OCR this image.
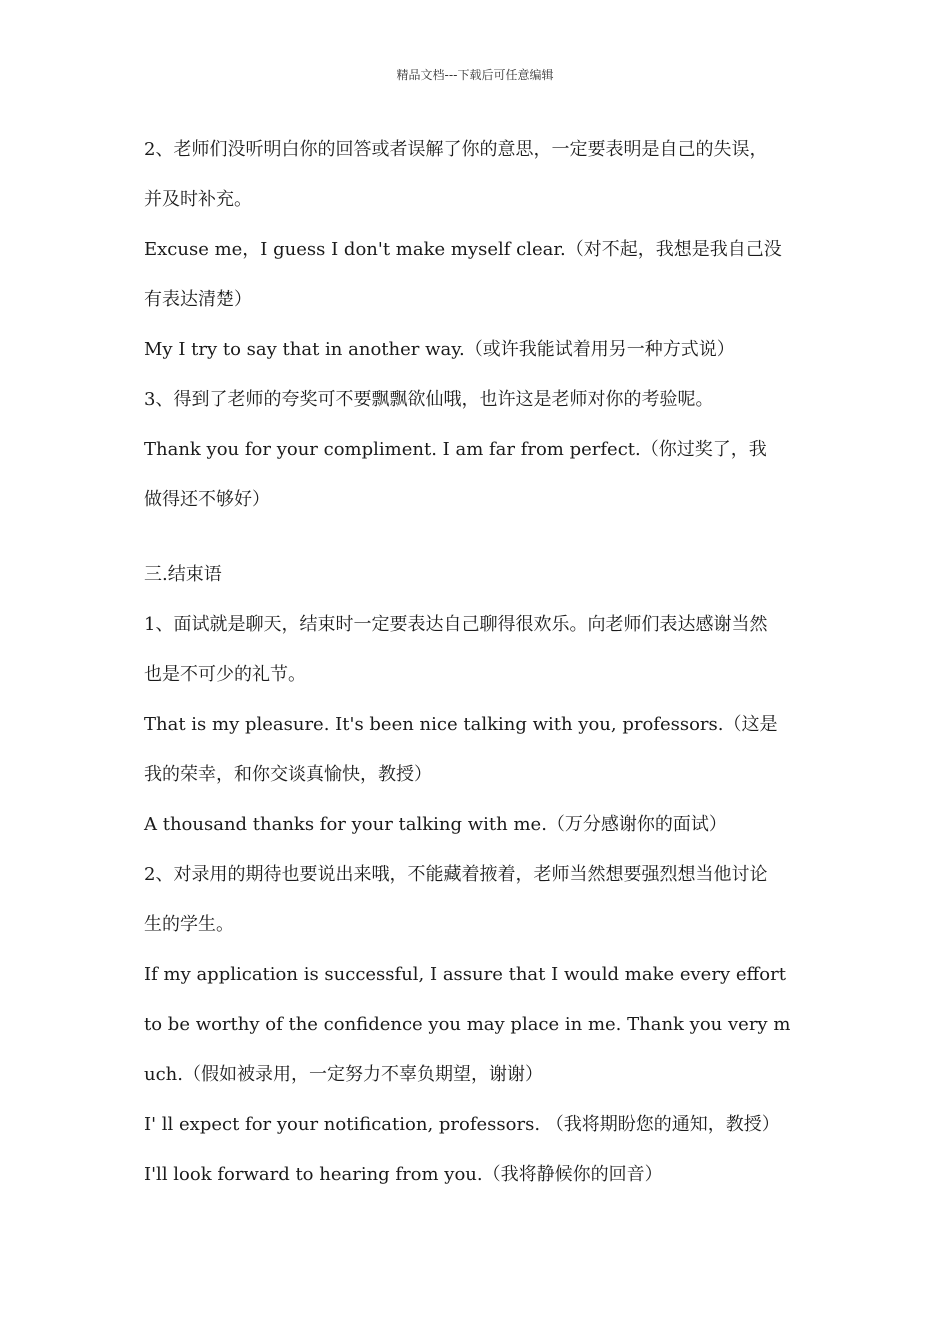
精品文档---下载后可任意编辑
2、老师们没听明白你的回答或者误解了你的意思，一定要表明是自己的失误，
并及时补充。
Excuse me，I guess I don't make myself clear.（对不起，我想是我自己没
有表达清楚）
My I try to say that in another way.（或许我能试着用另一种方式说）
3、得到了老师的夸奖可不要飘飘欲仙哦，也许这是老师对你的考验呢。
Thank you for your compliment. I am far from perfect.（你过奖了，我
做得还不够好）
三.结束语
1、面试就是聊天，结束时一定要表达自己聊得很欢乐。向老师们表达感谢当然
也是不可少的礼节。
That is my pleasure. It's been nice talking with you, professors.（这是
我的荣幸，和你交谈真愉快，教授）
A thousand thanks for your talking with me.（万分感谢你的面试）
2、对录用的期待也要说出来哦，不能藏着掖着，老师当然想要强烈想当他讨论
生的学生。
If my application is successful, I assure that I would make every effort
to be worthy of the confidence you may place in me. Thank you very m
uch.（假如被录用，一定努力不辜负期望，谢谢）
I' ll expect for your notification, professors. （我将期盼您的通知，教授）
I'll look forward to hearing from you.（我将静候你的回音）
